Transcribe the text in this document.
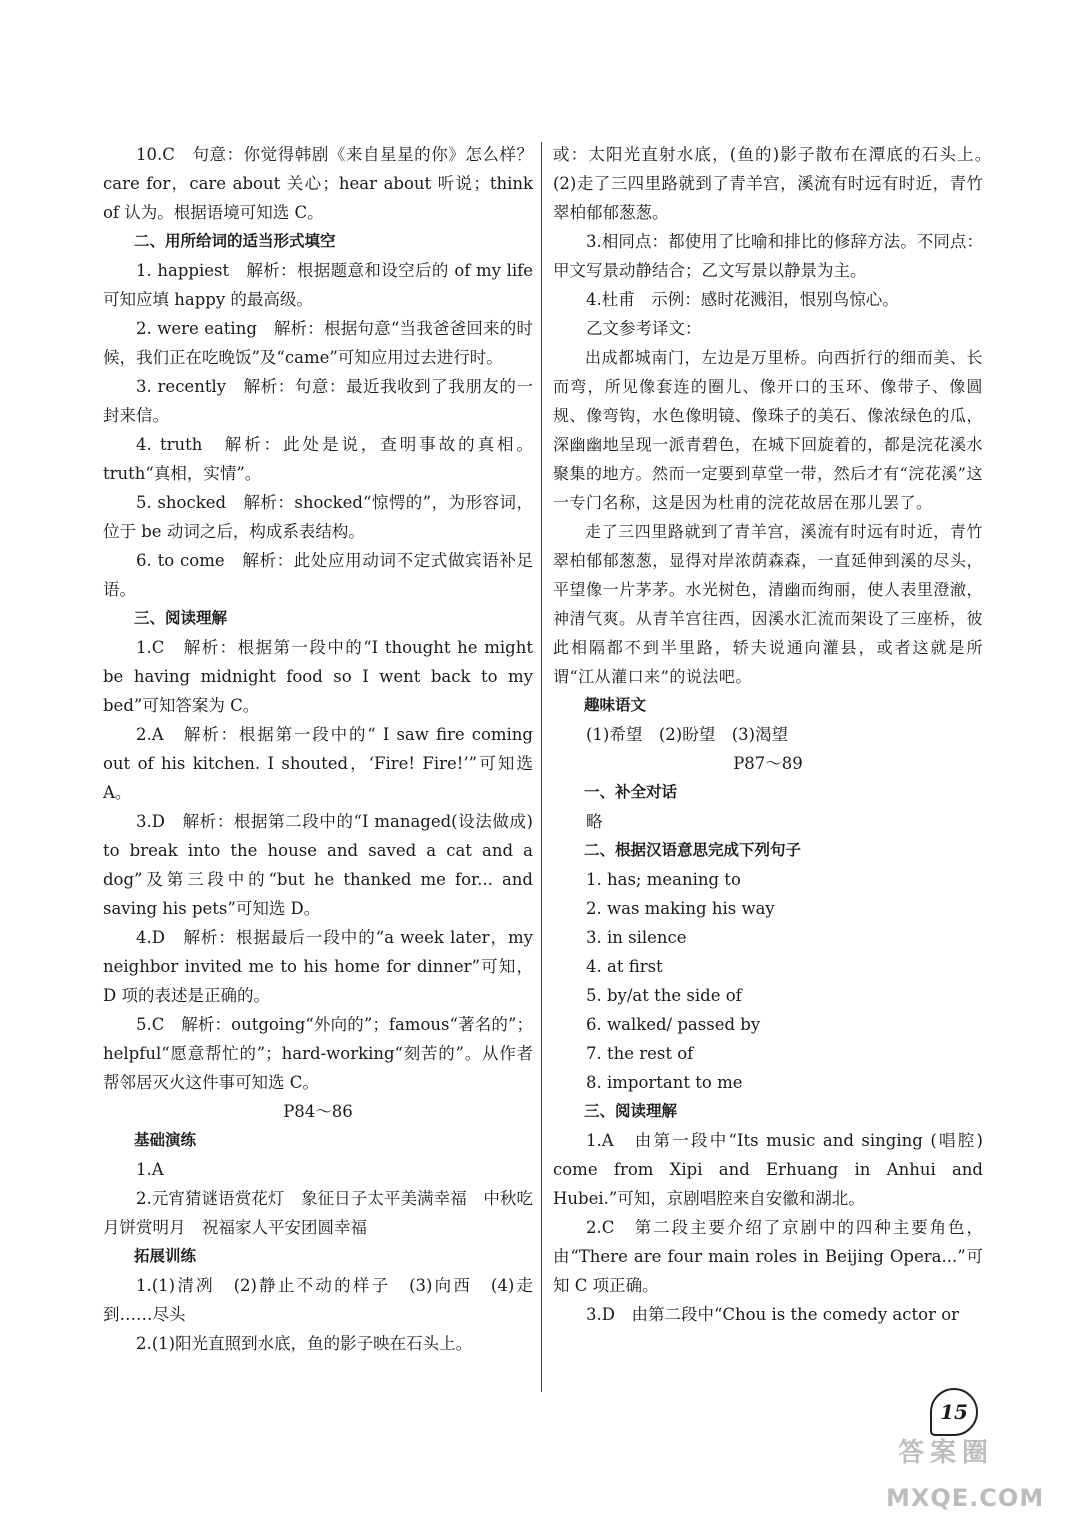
10.C　句意：你觉得韩剧《来自星星的你》怎么样？care for，care about 关心；hear about 听说；think of 认为。根据语境可知选 C。

二、用所给词的适当形式填空

1. happiest　解析：根据题意和设空后的 of my life 可知应填 happy 的最高级。

2. were eating　解析：根据句意“当我爸爸回来的时候，我们正在吃晚饭”及“came”可知应用过去进行时。

3. recently　解析：句意：最近我收到了我朋友的一封来信。

4. truth　解析：此处是说，查明事故的真相。truth“真相，实情”。

5. shocked　解析：shocked“惊愕的”，为形容词，位于 be 动词之后，构成系表结构。

6. to come　解析：此处应用动词不定式做宾语补足语。

三、阅读理解

1.C　解析：根据第一段中的“I thought he might be having midnight food so I went back to my bed”可知答案为 C。

2.A　解析：根据第一段中的“ I saw fire coming out of his kitchen. I shouted，‘Fire! Fire!’”可知选 A。

3.D　解析：根据第二段中的“I managed(设法做成) to break into the house and saved a cat and a dog”及第三段中的“but he thanked me for... and saving his pets”可知选 D。

4.D　解析：根据最后一段中的“a week later，my neighbor invited me to his home for dinner”可知，D 项的表述是正确的。

5.C　解析：outgoing“外向的”；famous“著名的”；helpful“愿意帮忙的”；hard-working“刻苦的”。从作者帮邻居灭火这件事可知选 C。

P84～86

基础演练

1.A

2.元宵猜谜语赏花灯　象征日子太平美满幸福　中秋吃月饼赏明月　祝福家人平安团圆幸福

拓展训练

1.(1)清冽　(2)静止不动的样子　(3)向西　(4)走到……尽头

2.(1)阳光直照到水底，鱼的影子映在石头上。

或：太阳光直射水底，(鱼的)影子散布在潭底的石头上。　(2)走了三四里路就到了青羊宫，溪流有时远有时近，青竹翠柏郁郁葱葱。

3.相同点：都使用了比喻和排比的修辞方法。不同点：甲文写景动静结合；乙文写景以静景为主。

4.杜甫　示例：感时花溅泪，恨别鸟惊心。

乙文参考译文：

出成都城南门，左边是万里桥。向西折行的细而美、长而弯，所见像套连的圈儿、像开口的玉环、像带子、像圆规、像弯钩，水色像明镜、像珠子的美石、像浓绿色的瓜，深幽幽地呈现一派青碧色，在城下回旋着的，都是浣花溪水聚集的地方。然而一定要到草堂一带，然后才有“浣花溪”这一专门名称，这是因为杜甫的浣花故居在那儿罢了。

走了三四里路就到了青羊宫，溪流有时远有时近，青竹翠柏郁郁葱葱，显得对岸浓荫森森，一直延伸到溪的尽头，平望像一片茅茅。水光树色，清幽而绚丽，使人表里澄澈，神清气爽。从青羊宫往西，因溪水汇流而架设了三座桥，彼此相隔都不到半里路，轿夫说通向灌县，或者这就是所谓“江从灌口来”的说法吧。

趣味语文

(1)希望　(2)盼望　(3)渴望

P87～89

一、补全对话

略

二、根据汉语意思完成下列句子

1. has; meaning to

2. was making his way

3. in silence

4. at first

5. by/at the side of

6. walked/ passed by

7. the rest of

8. important to me

三、阅读理解

1.A　由第一段中“Its music and singing (唱腔) come from Xipi and Erhuang in Anhui and Hubei.”可知，京剧唱腔来自安徽和湖北。

2.C　第二段主要介绍了京剧中的四种主要角色，由“There are four main roles in Beijing Opera...”可知 C 项正确。

3.D　由第二段中“Chou is the comedy actor or

15
答案圈
MXQE.COM
